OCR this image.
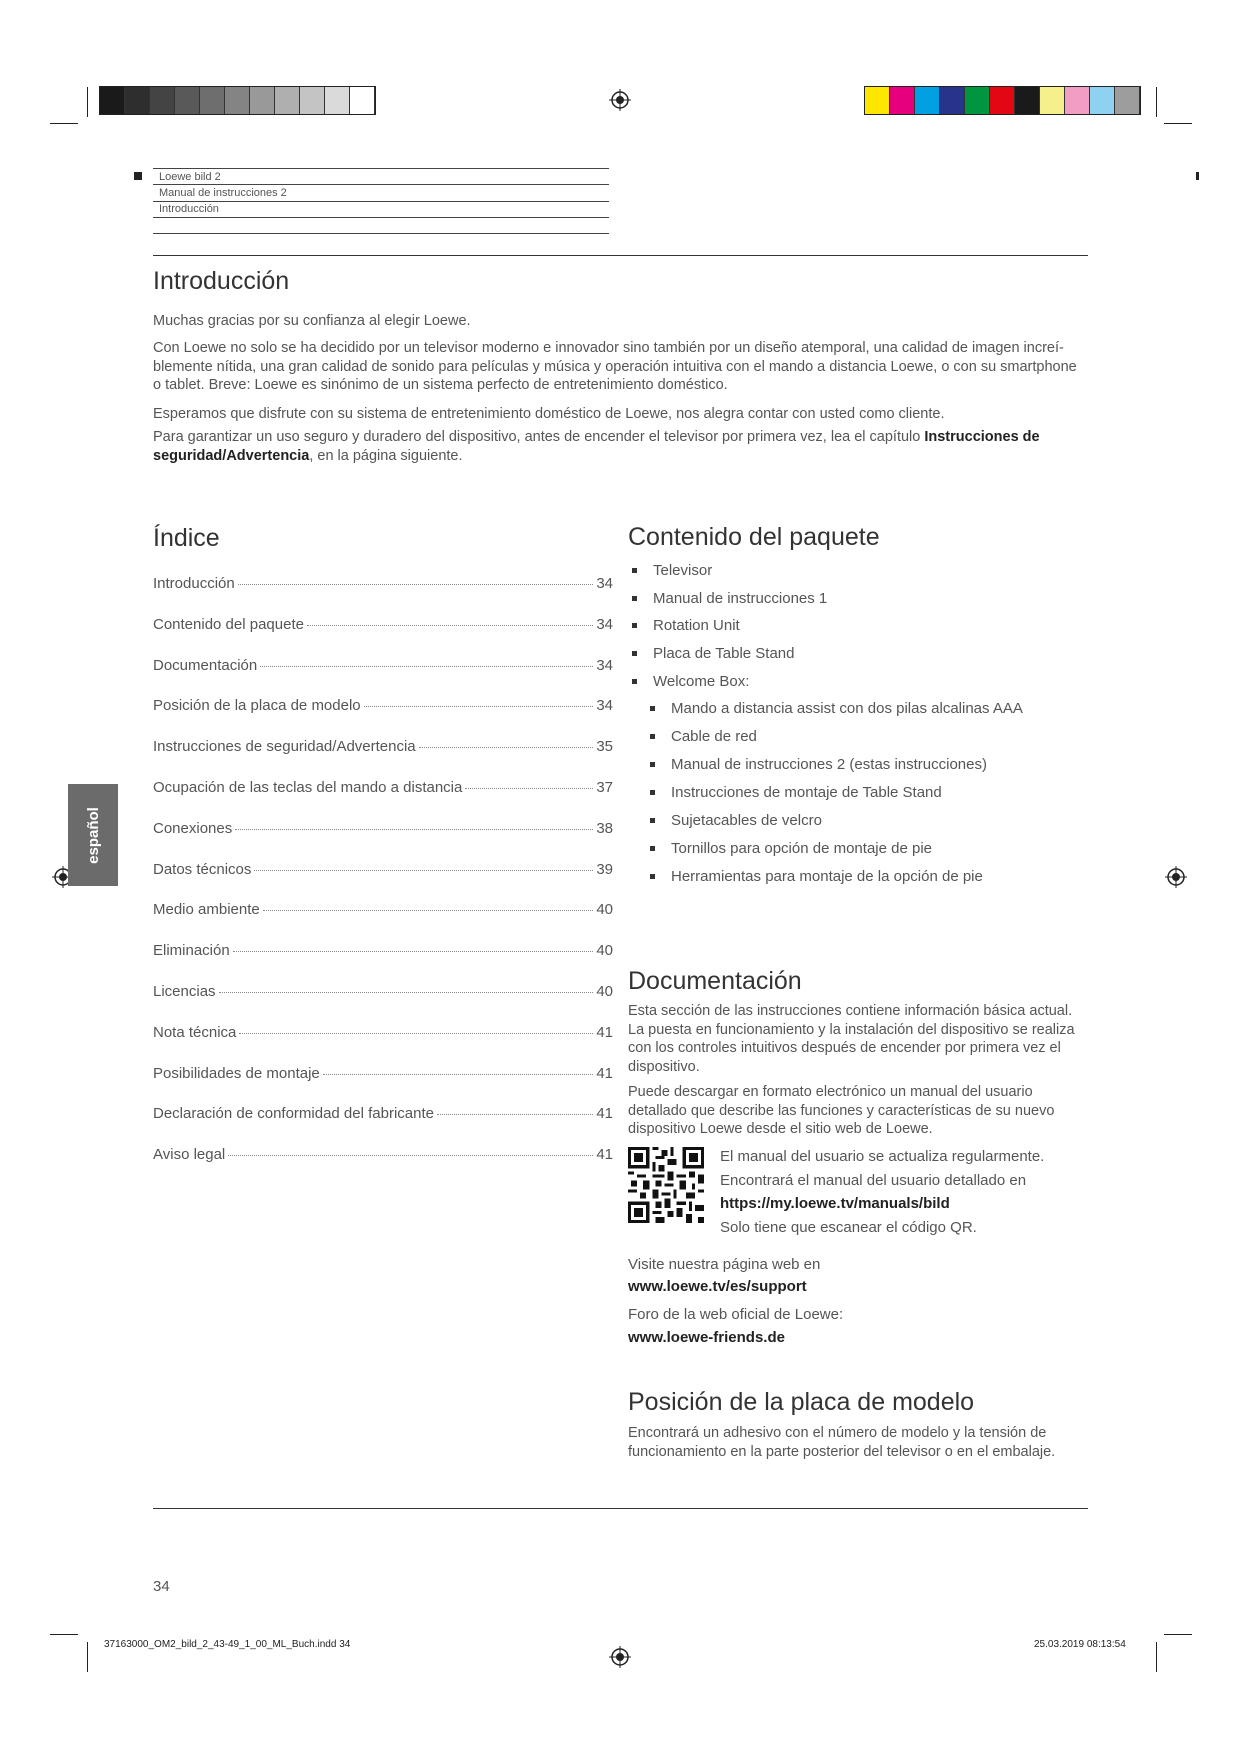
Loewe bild 2
Manual de instrucciones 2
Introducción
Introducción

Muchas gracias por su confianza al elegir Loewe.

Con Loewe no solo se ha decidido por un televisor moderno e innovador sino también por un diseño atemporal, una calidad de imagen increí-
blemente nítida, una gran calidad de sonido para películas y música y operación intuitiva con el mando a distancia Loewe, o con su smartphone
o tablet. Breve: Loewe es sinónimo de un sistema perfecto de entretenimiento doméstico.

Esperamos que disfrute con su sistema de entretenimiento doméstico de Loewe, nos alegra contar con usted como cliente.

Para garantizar un uso seguro y duradero del dispositivo, antes de encender el televisor por primera vez, lea el capítulo Instrucciones de
seguridad/Advertencia, en la página siguiente.
Índice
Introducción	34
Contenido del paquete	34
Documentación	34
Posición de la placa de modelo	34
Instrucciones de seguridad/Advertencia	35
Ocupación de las teclas del mando a distancia	37
Conexiones	38
Datos técnicos	39
Medio ambiente	40
Eliminación	40
Licencias	40
Nota técnica	41
Posibilidades de montaje	41
Declaración de conformidad del fabricante	41
Aviso legal	41
español
Contenido del paquete
Televisor
Manual de instrucciones 1
Rotation Unit
Placa de Table Stand
Welcome Box:
Mando a distancia assist con dos pilas alcalinas AAA
Cable de red
Manual de instrucciones 2 (estas instrucciones)
Instrucciones de montaje de Table Stand
Sujetacables de velcro
Tornillos para opción de montaje de pie
Herramientas para montaje de la opción de pie
Documentación
Esta sección de las instrucciones contiene información básica actual.
La puesta en funcionamiento y la instalación del dispositivo se realiza
con los controles intuitivos después de encender por primera vez el
dispositivo.
Puede descargar en formato electrónico un manual del usuario
detallado que describe las funciones y características de su nuevo
dispositivo Loewe desde el sitio web de Loewe.
El manual del usuario se actualiza regularmente.
Encontrará el manual del usuario detallado en
https://my.loewe.tv/manuals/bild
Solo tiene que escanear el código QR.
Visite nuestra página web en
www.loewe.tv/es/support
Foro de la web oficial de Loewe:
www.loewe-friends.de
Posición de la placa de modelo
Encontrará un adhesivo con el número de modelo y la tensión de
funcionamiento en la parte posterior del televisor o en el embalaje.
34
37163000_OM2_bild_2_43-49_1_00_ML_Buch.indd 34	25.03.2019 08:13:54
